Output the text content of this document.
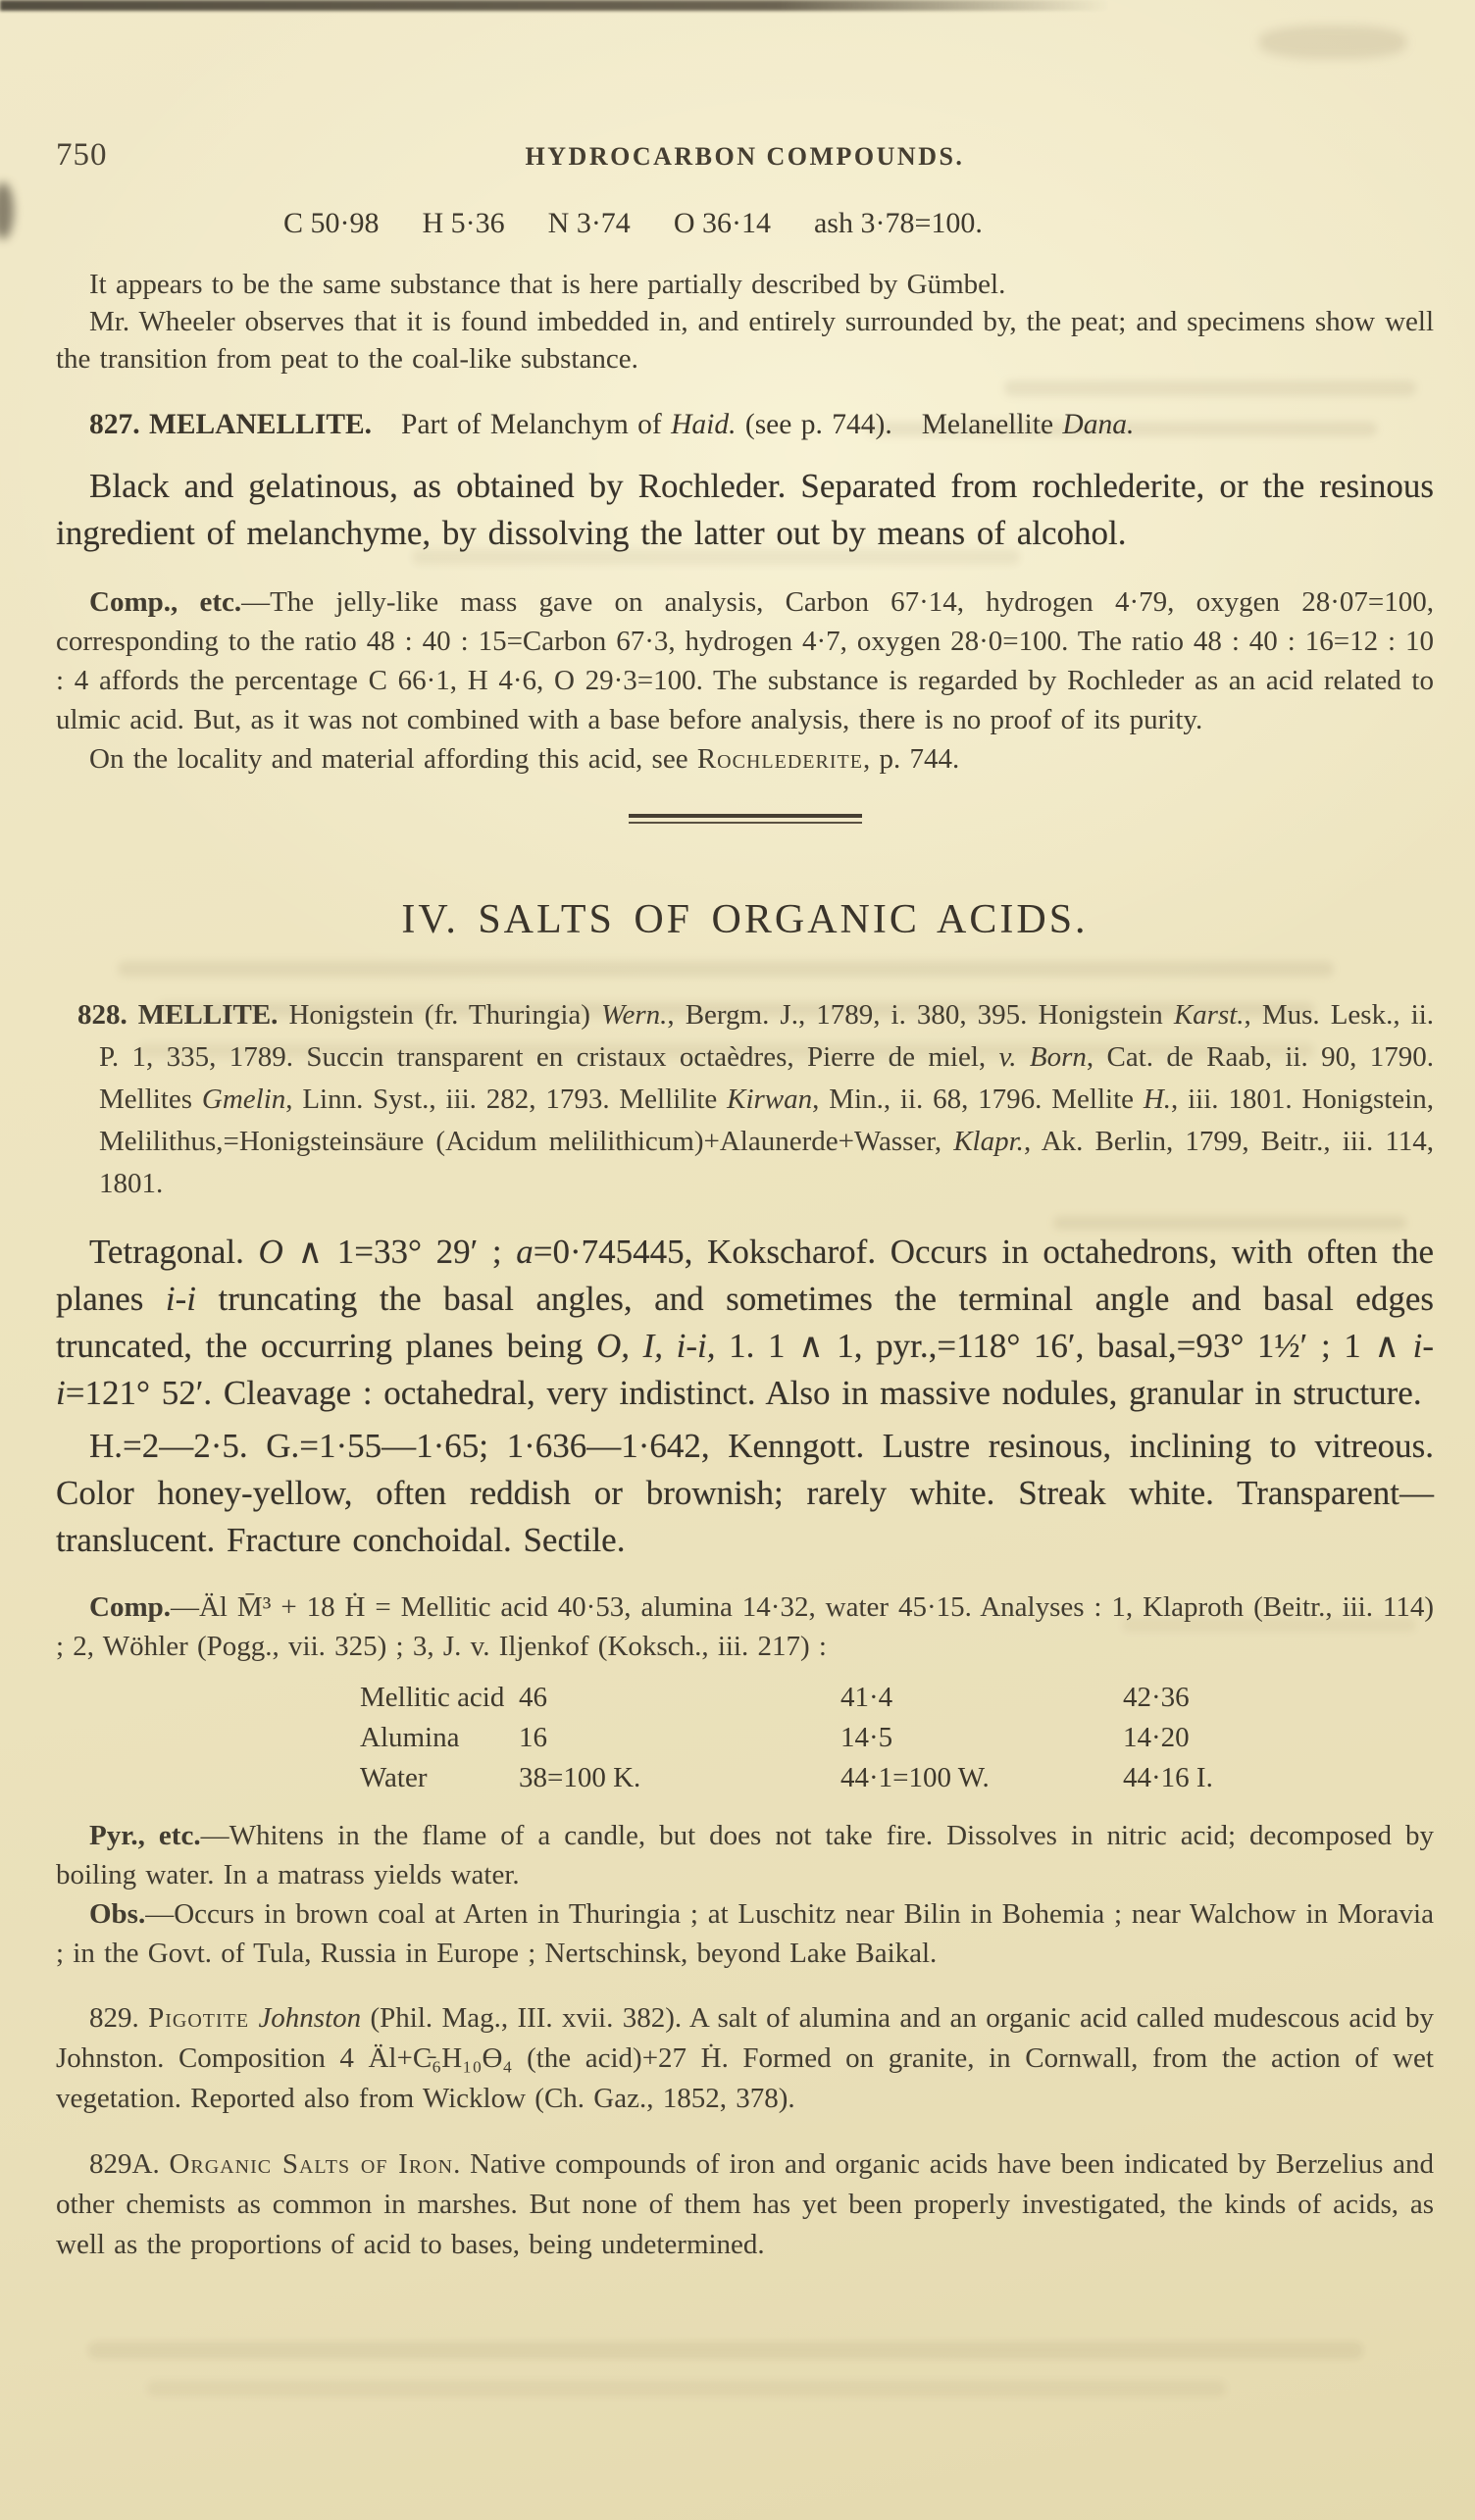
750	HYDROCARBON COMPOUNDS.
C 50·98 H 5·36 N 3·74 O 36·14 ash 3·78=100.
It appears to be the same substance that is here partially described by Gümbel.
Mr. Wheeler observes that it is found imbedded in, and entirely surrounded by, the peat; and specimens show well the transition from peat to the coal-like substance.
827. MELANELLITE. Part of Melanchym of Haid. (see p. 744). Melanellite Dana.
Black and gelatinous, as obtained by Rochleder. Separated from rochlederite, or the resinous ingredient of melanchyme, by dissolving the latter out by means of alcohol.
Comp., etc.—The jelly-like mass gave on analysis, Carbon 67·14, hydrogen 4·79, oxygen 28·07=100, corresponding to the ratio 48 : 40 : 15=Carbon 67·3, hydrogen 4·7, oxygen 28·0=100. The ratio 48 : 40 : 16=12 : 10 : 4 affords the percentage C 66·1, H 4·6, O 29·3=100. The substance is regarded by Rochleder as an acid related to ulmic acid. But, as it was not combined with a base before analysis, there is no proof of its purity.
On the locality and material affording this acid, see Rochlederite, p. 744.
IV. SALTS OF ORGANIC ACIDS.
828. MELLITE. Honigstein (fr. Thuringia) Wern., Bergm. J., 1789, i. 380, 395. Honigstein Karst., Mus. Lesk., ii. P. 1, 335, 1789. Succin transparent en cristaux octaèdres, Pierre de miel, v. Born, Cat. de Raab, ii. 90, 1790. Mellites Gmelin, Linn. Syst., iii. 282, 1793. Mellilite Kirwan, Min., ii. 68, 1796. Mellite H., iii. 1801. Honigstein, Melilithus,=Honigsteinsäure (Acidum melilithicum)+Alaunerde+Wasser, Klapr., Ak. Berlin, 1799, Beitr., iii. 114, 1801.
Tetragonal. O ∧ 1=33° 29′ ; a=0·745445, Kokscharof. Occurs in octahedrons, with often the planes i-i truncating the basal angles, and sometimes the terminal angle and basal edges truncated, the occurring planes being O, I, i-i, 1. 1 ∧ 1, pyr.,=118° 16′, basal,=93° 1½′ ; 1 ∧ i-i=121° 52′. Cleavage : octahedral, very indistinct. Also in massive nodules, granular in structure.
H.=2—2·5. G.=1·55—1·65; 1·636—1·642, Kenngott. Lustre resinous, inclining to vitreous. Color honey-yellow, often reddish or brownish; rarely white. Streak white. Transparent—translucent. Fracture conchoidal. Sectile.
Comp.—Äl M̄³ + 18 Ḣ = Mellitic acid 40·53, alumina 14·32, water 45·15. Analyses : 1, Klaproth (Beitr., iii. 114) ; 2, Wöhler (Pogg., vii. 325) ; 3, J. v. Iljenkof (Koksch., iii. 217) :
Mellitic acid 46	41·4	42·36
Alumina	16	14·5	14·20
Water	38=100 K.	44·1=100 W.	44·16 I.
Pyr., etc.—Whitens in the flame of a candle, but does not take fire. Dissolves in nitric acid; decomposed by boiling water. In a matrass yields water.
Obs.—Occurs in brown coal at Arten in Thuringia ; at Luschitz near Bilin in Bohemia ; near Walchow in Moravia ; in the Govt. of Tula, Russia in Europe ; Nertschinsk, beyond Lake Baikal.
829. Pigotite Johnston (Phil. Mag., III. xvii. 382). A salt of alumina and an organic acid called mudescous acid by Johnston. Composition 4 Äl+C̵₆H₁₀Ɵ₄ (the acid)+27 Ḣ. Formed on granite, in Cornwall, from the action of wet vegetation. Reported also from Wicklow (Ch. Gaz., 1852, 378).
829A. Organic Salts of Iron. Native compounds of iron and organic acids have been indicated by Berzelius and other chemists as common in marshes. But none of them has yet been properly investigated, the kinds of acids, as well as the proportions of acid to bases, being undetermined.
